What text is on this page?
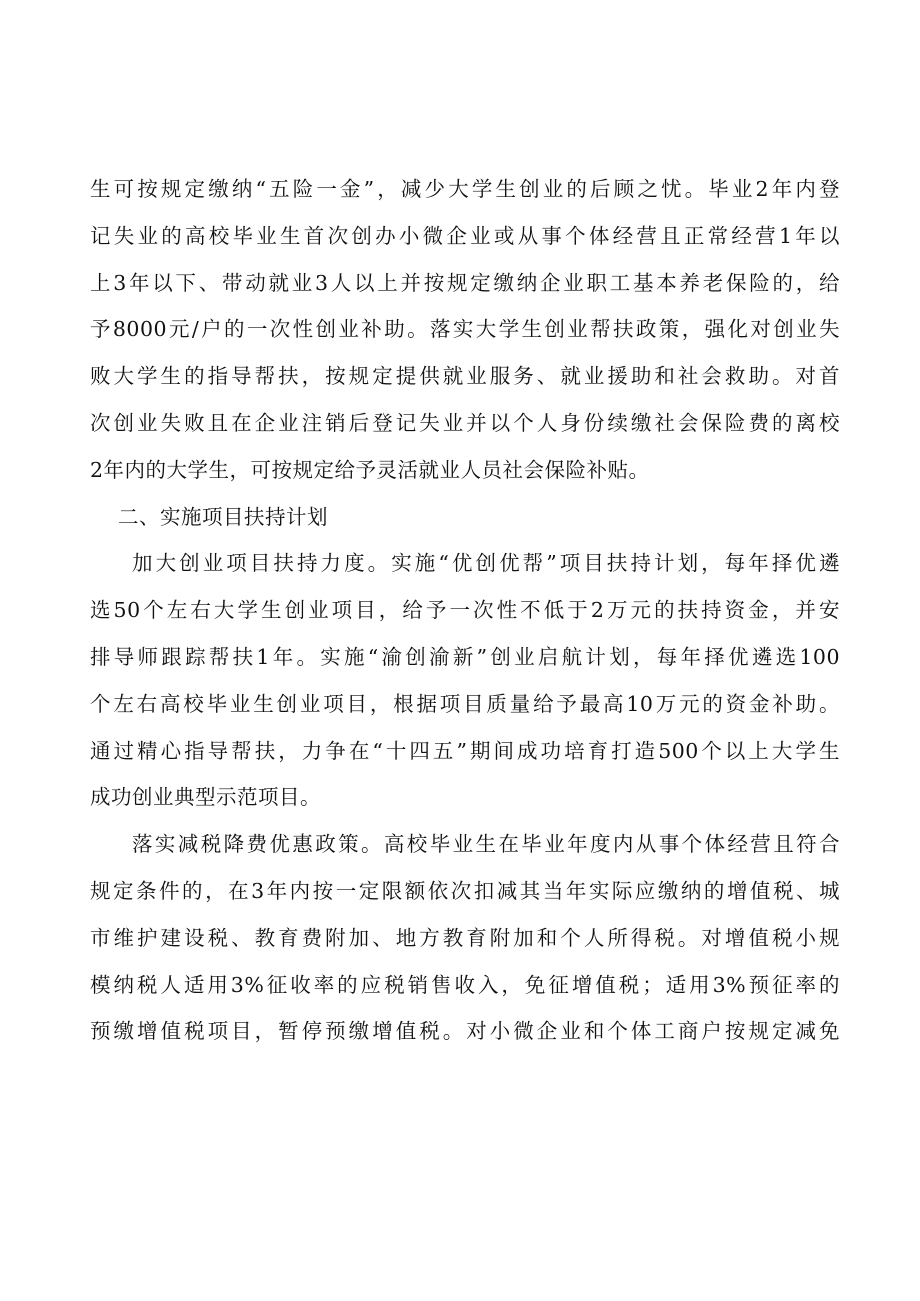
生可按规定缴纳“五险一金”，减少大学生创业的后顾之忧。毕业2年内登
记失业的高校毕业生首次创办小微企业或从事个体经营且正常经营1年以
上3年以下、带动就业3人以上并按规定缴纳企业职工基本养老保险的，给
予8000元/户的一次性创业补助。落实大学生创业帮扶政策，强化对创业失
败大学生的指导帮扶，按规定提供就业服务、就业援助和社会救助。对首
次创业失败且在企业注销后登记失业并以个人身份续缴社会保险费的离校
2年内的大学生，可按规定给予灵活就业人员社会保险补贴。
二、实施项目扶持计划
加大创业项目扶持力度。实施“优创优帮”项目扶持计划，每年择优遴
选50个左右大学生创业项目，给予一次性不低于2万元的扶持资金，并安
排导师跟踪帮扶1年。实施“渝创渝新”创业启航计划，每年择优遴选100
个左右高校毕业生创业项目，根据项目质量给予最高10万元的资金补助。
通过精心指导帮扶，力争在“十四五”期间成功培育打造500个以上大学生
成功创业典型示范项目。
落实减税降费优惠政策。高校毕业生在毕业年度内从事个体经营且符合
规定条件的，在3年内按一定限额依次扣减其当年实际应缴纳的增值税、城
市维护建设税、教育费附加、地方教育附加和个人所得税。对增值税小规
模纳税人适用3%征收率的应税销售收入，免征增值税；适用3%预征率的
预缴增值税项目，暂停预缴增值税。对小微企业和个体工商户按规定减免
